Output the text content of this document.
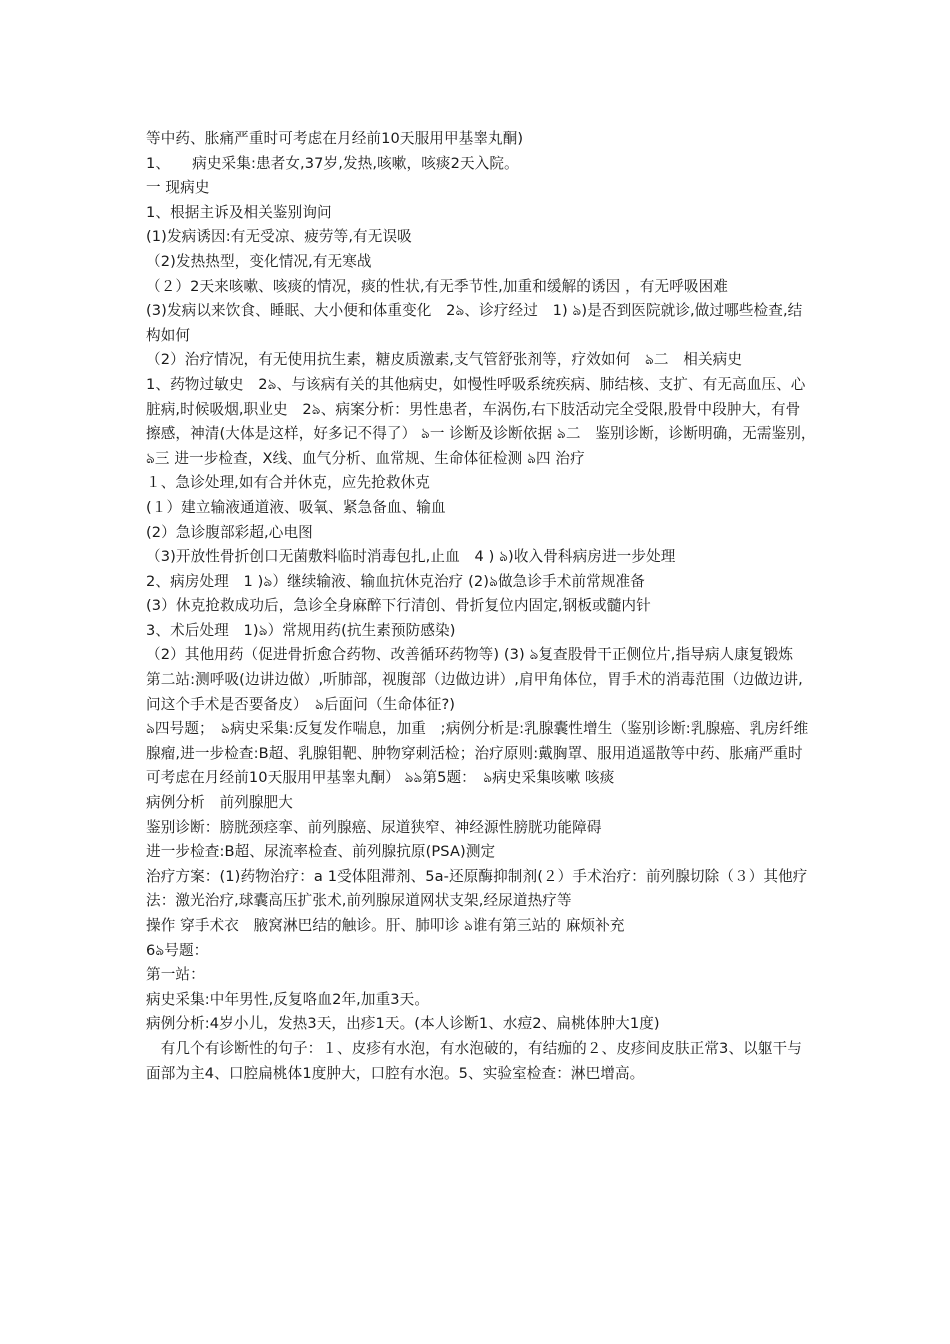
等中药、胀痛严重时可考虑在月经前10天服用甲基睾丸酮)

1、　　病史采集:患者女,37岁,发热,咳嗽，咳痰2天入院。

一 现病史

1、根据主诉及相关鉴别询问

(1)发病诱因:有无受凉、疲劳等,有无误吸

（2)发热热型，变化情况,有无寒战

（２）2天来咳嗽、咳痰的情况，痰的性状,有无季节性,加重和缓解的诱因 ，有无呼吸困难

(3)发病以来饮食、睡眠、大小便和体重变化　2ঌ、诊疗经过　1) ঌ)是否到医院就诊,做过哪些检查,结构如何

（2）治疗情况，有无使用抗生素，糖皮质激素,支气管舒张剂等，疗效如何　ঌ二　相关病史

1、药物过敏史　2ঌ、与该病有关的其他病史，如慢性呼吸系统疾病、肺结核、支扩、有无高血压、心脏病,时候吸烟,职业史　2ঌ、病案分析：男性患者，车涡伤,右下肢活动完全受限,股骨中段肿大，有骨擦感，神清(大体是这样，好多记不得了） ঌ一 诊断及诊断依据 ঌ二　鉴别诊断，诊断明确，无需鉴别，　ঌ三 进一步检查，X线、血气分析、血常规、生命体征检测 ঌ四 治疗

１、急诊处理,如有合并休克，应先抢救休克

(１）建立输液通道液、吸氧、紧急备血、输血

(2）急诊腹部彩超,心电图

（3)开放性骨折创口无菌敷料临时消毒包扎,止血　4 ) ঌ)收入骨科病房进一步处理

2、病房处理　1 )ঌ）继续输液、输血抗休克治疗 (2)ঌ做急诊手术前常规准备

(3）休克抢救成功后，急诊全身麻醉下行清创、骨折复位内固定,钢板或髓内针

3、术后处理　1)ঌ）常规用药(抗生素预防感染)

（2）其他用药（促进骨折愈合药物、改善循环药物等) (3) ঌ复查股骨干正侧位片,指导病人康复锻炼

第二站:测呼吸(边讲边做）,听肺部，视腹部（边做边讲）,肩甲角体位，胃手术的消毒范围（边做边讲,问这个手术是否要备皮）　ঌ后面问（生命体征?)

ঌ四号题；　ঌ病史采集:反复发作喘息，加重　;病例分析是:乳腺囊性增生（鉴别诊断:乳腺癌、乳房纤维腺瘤,进一步检查:B超、乳腺钼靶、肿物穿刺活检；治疗原则:戴胸罩、服用逍遥散等中药、胀痛严重时可考虑在月经前10天服用甲基睾丸酮） ঌঌ第5题：　ঌ病史采集咳嗽 咳痰

病例分析　前列腺肥大

鉴别诊断：膀胱颈痉挛、前列腺癌、尿道狭窄、神经源性膀胱功能障碍

进一步检查:B超、尿流率检查、前列腺抗原(PSA)测定

治疗方案：(1)药物治疗：a 1受体阻滞剂、5a-还原酶抑制剂(２）手术治疗：前列腺切除（３）其他疗法：激光治疗,球囊高压扩张术,前列腺尿道网状支架,经尿道热疗等

操作 穿手术衣　腋窝淋巴结的触诊。肝、肺叩诊 ঌ谁有第三站的 麻烦补充

6ঌ号题：

第一站：

病史采集:中年男性,反复咯血2年,加重3天。

病例分析:4岁小儿，发热3天，出疹1天。(本人诊断1、水痘2、扁桃体肿大1度)

　有几个有诊断性的句子：１、皮疹有水泡，有水泡破的，有结痂的２、皮疹间皮肤正常3、以躯干与面部为主4、口腔扁桃体1度肿大，口腔有水泡。5、实验室检查：淋巴增高。
